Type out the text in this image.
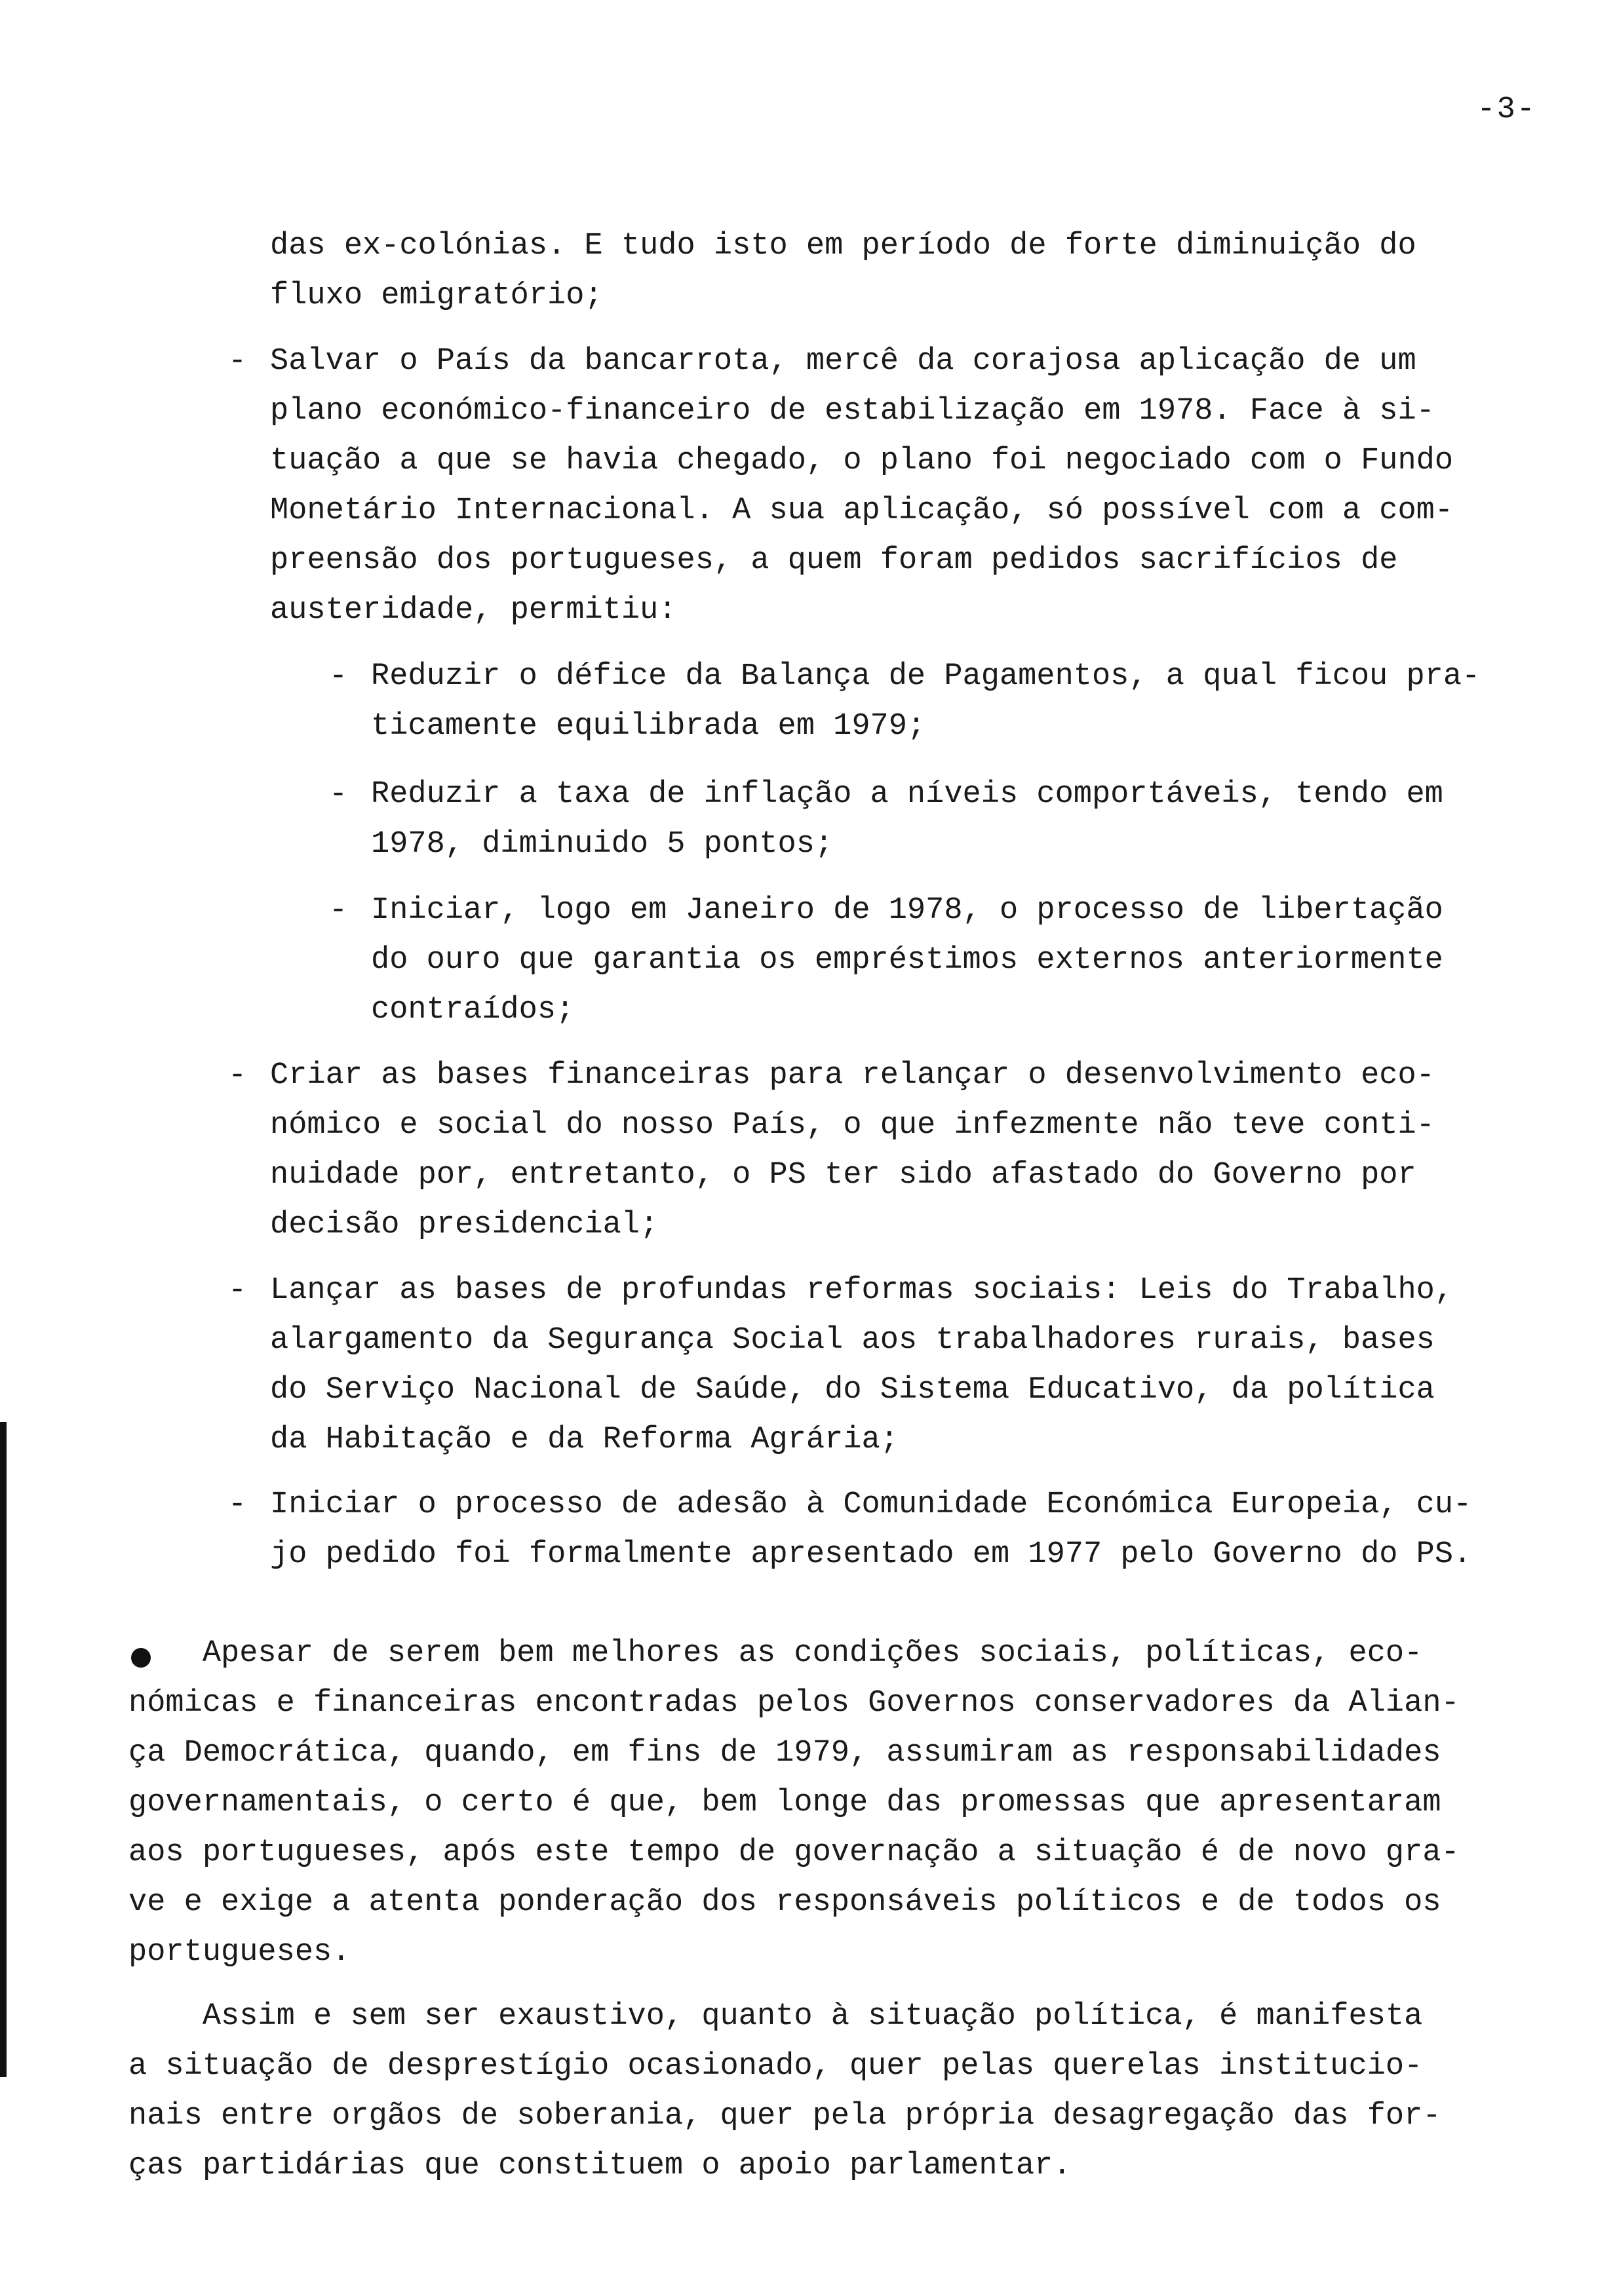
-3-
das ex-colónias. E tudo isto em período de forte diminuição do
fluxo emigratório;
- Salvar o País da bancarrota, mercê da corajosa aplicação de um
plano económico-financeiro de estabilização em 1978. Face à si-
tuação a que se havia chegado, o plano foi negociado com o Fundo
Monetário Internacional. A sua aplicação, só possível com a com-
preensão dos portugueses, a quem foram pedidos sacrifícios de
austeridade, permitiu:
- Reduzir o défice da Balança de Pagamentos, a qual ficou pra-
ticamente equilibrada em 1979;
- Reduzir a taxa de inflação a níveis comportáveis, tendo em
1978, diminuido 5 pontos;
- Iniciar, logo em Janeiro de 1978, o processo de libertação
do ouro que garantia os empréstimos externos anteriormente
contraídos;
- Criar as bases financeiras para relançar o desenvolvimento eco-
nómico e social do nosso País, o que infezmente não teve conti-
nuidade por, entretanto, o PS ter sido afastado do Governo por
decisão presidencial;
- Lançar as bases de profundas reformas sociais: Leis do Trabalho,
alargamento da Segurança Social aos trabalhadores rurais, bases
do Serviço Nacional de Saúde, do Sistema Educativo, da política
da Habitação e da Reforma Agrária;
- Iniciar o processo de adesão à Comunidade Económica Europeia, cu-
jo pedido foi formalmente apresentado em 1977 pelo Governo do PS.
Apesar de serem bem melhores as condições sociais, políticas, eco-
nómicas e financeiras encontradas pelos Governos conservadores da Alian-
ça Democrática, quando, em fins de 1979, assumiram as responsabilidades
governamentais, o certo é que, bem longe das promessas que apresentaram
aos portugueses, após este tempo de governação a situação é de novo gra-
ve e exige a atenta ponderação dos responsáveis políticos e de todos os
portugueses.
Assim e sem ser exaustivo, quanto à situação política, é manifesta
a situação de desprestígio ocasionado, quer pelas querelas institucio-
nais entre orgãos de soberania, quer pela própria desagregação das for-
ças partidárias que constituem o apoio parlamentar.
